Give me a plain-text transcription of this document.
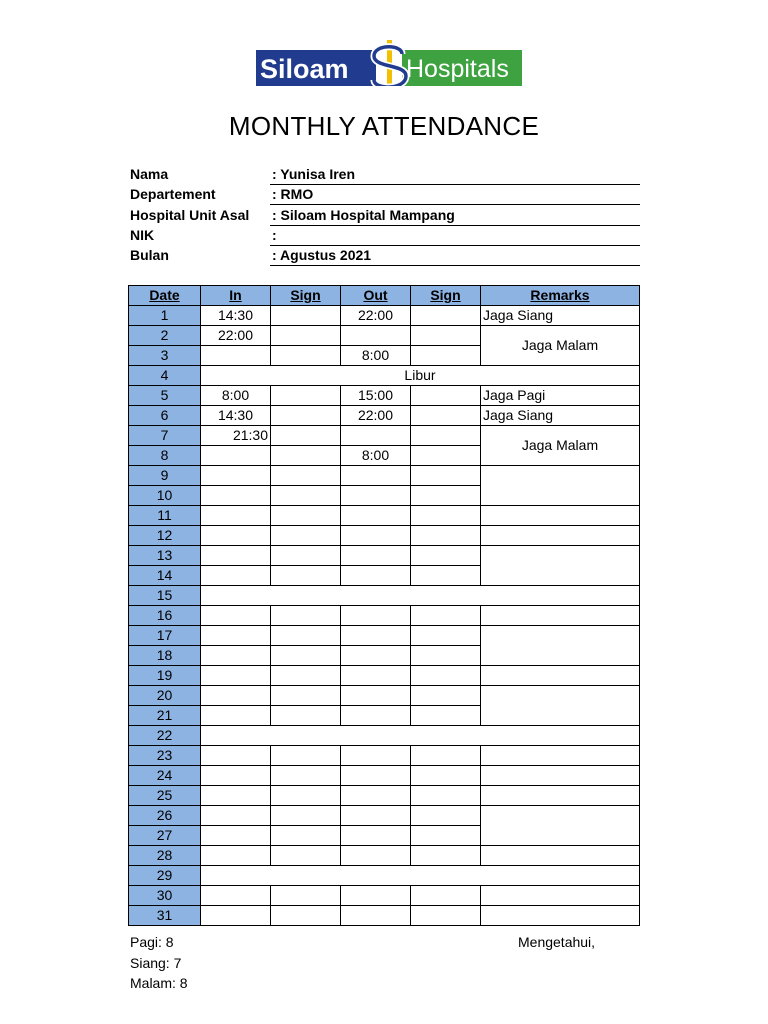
Siloam Hospitals
MONTHLY ATTENDANCE
Nama	: Yunisa Iren
Departement	: RMO
Hospital Unit Asal : Siloam Hospital Mampang
NIK	:
Bulan	: Agustus 2021
Date	In	Sign	Out	Sign	Remarks
1	14:30		22:00		Jaga Siang
2	22:00				Jaga Malam
3			8:00		
4	Libur				
5	8:00		15:00		Jaga Pagi
6	14:30		22:00		Jaga Siang
7	21:30				Jaga Malam
8			8:00		
9					
10					
11					
12					
13					
14					
15					
16					
17					
18					
19					
20					
21					
22					
23					
24					
25					
26					
27					
28					
29					
30					
31					
Pagi: 8
Siang: 7
Malam: 8
Mengetahui,
